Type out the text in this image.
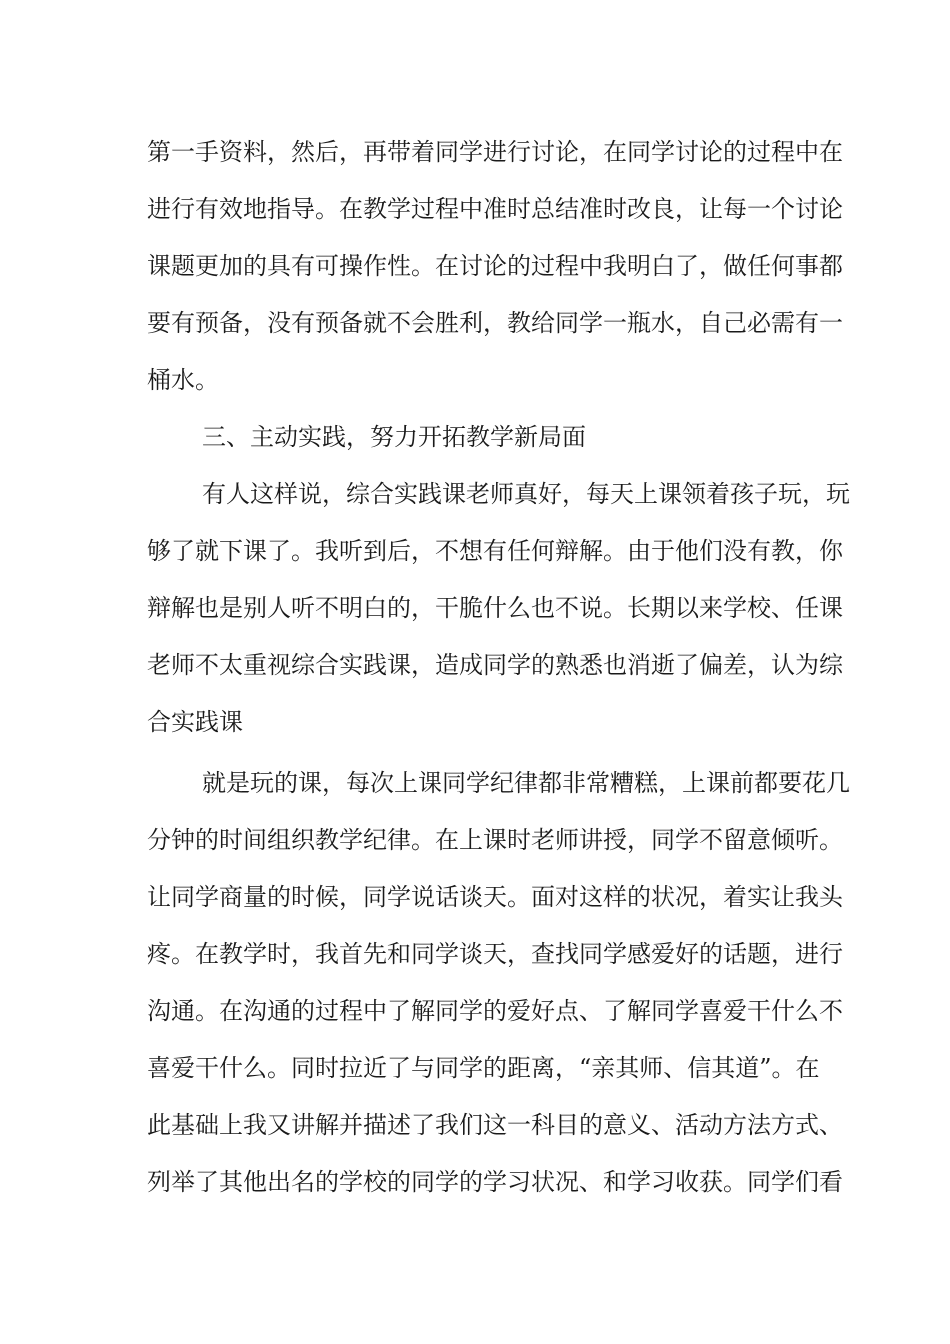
第一手资料，然后，再带着同学进行讨论，在同学讨论的过程中在
进行有效地指导。在教学过程中准时总结准时改良，让每一个讨论
课题更加的具有可操作性。在讨论的过程中我明白了，做任何事都
要有预备，没有预备就不会胜利，教给同学一瓶水，自己必需有一
桶水。
三、主动实践，努力开拓教学新局面
有人这样说，综合实践课老师真好，每天上课领着孩子玩，玩
够了就下课了。我听到后，不想有任何辩解。由于他们没有教，你
辩解也是别人听不明白的，干脆什么也不说。长期以来学校、任课
老师不太重视综合实践课，造成同学的熟悉也消逝了偏差，认为综
合实践课
就是玩的课，每次上课同学纪律都非常糟糕，上课前都要花几
分钟的时间组织教学纪律。在上课时老师讲授，同学不留意倾听。
让同学商量的时候，同学说话谈天。面对这样的状况，着实让我头
疼。在教学时，我首先和同学谈天，查找同学感爱好的话题，进行
沟通。在沟通的过程中了解同学的爱好点、了解同学喜爱干什么不
喜爱干什么。同时拉近了与同学的距离，“亲其师、信其道”。在
此基础上我又讲解并描述了我们这一科目的意义、活动方法方式、
列举了其他出名的学校的同学的学习状况、和学习收获。同学们看
